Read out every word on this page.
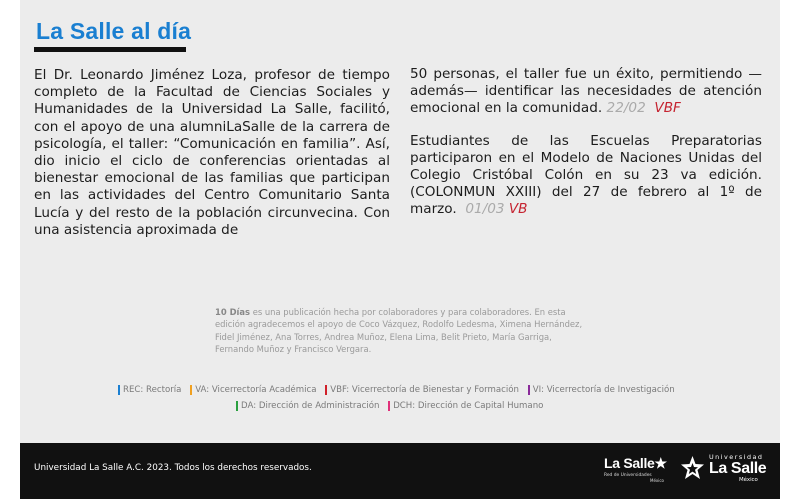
La Salle al día

El Dr. Leonardo Jiménez Loza, profesor de tiempo completo de la Facultad de Ciencias Sociales y Humanidades de la Universidad La Salle, facilitó, con el apoyo de una alumniLaSalle de la carrera de psicología, el taller: “Comunicación en familia”. Así, dio inicio el ciclo de conferencias orientadas al bienestar emocional de las familias que participan en las actividades del Centro Comunitario Santa Lucía y del resto de la población circunvecina. Con una asistencia aproximada de

50 personas, el taller fue un éxito, permitiendo —además— identificar las necesidades de atención emocional en la comunidad. 22/02 VBF

Estudiantes de las Escuelas Preparatorias participaron en el Modelo de Naciones Unidas del Colegio Cristóbal Colón en su 23 va edición. (COLONMUN XXIII) del 27 de febrero al 1º de marzo. 01/03 VB

10 Días es una publicación hecha por colaboradores y para colaboradores. En esta edición agradecemos el apoyo de Coco Vázquez, Rodolfo Ledesma, Ximena Hernández, Fidel Jiménez, Ana Torres, Andrea Muñoz, Elena Lima, Belit Prieto, María Garriga, Fernando Muñoz y Francisco Vergara.
REC: Rectoría
VA: Vicerrectoría Académica
VBF: Vicerrectoría de Bienestar y Formación
VI: Vicerrectoría de Investigación
DA: Dirección de Administración
DCH: Dirección de Capital Humano
Universidad La Salle A.C. 2023. Todos los derechos reservados.	La Salle★
Red de Universidades
México
Universidad
La Salle
México
